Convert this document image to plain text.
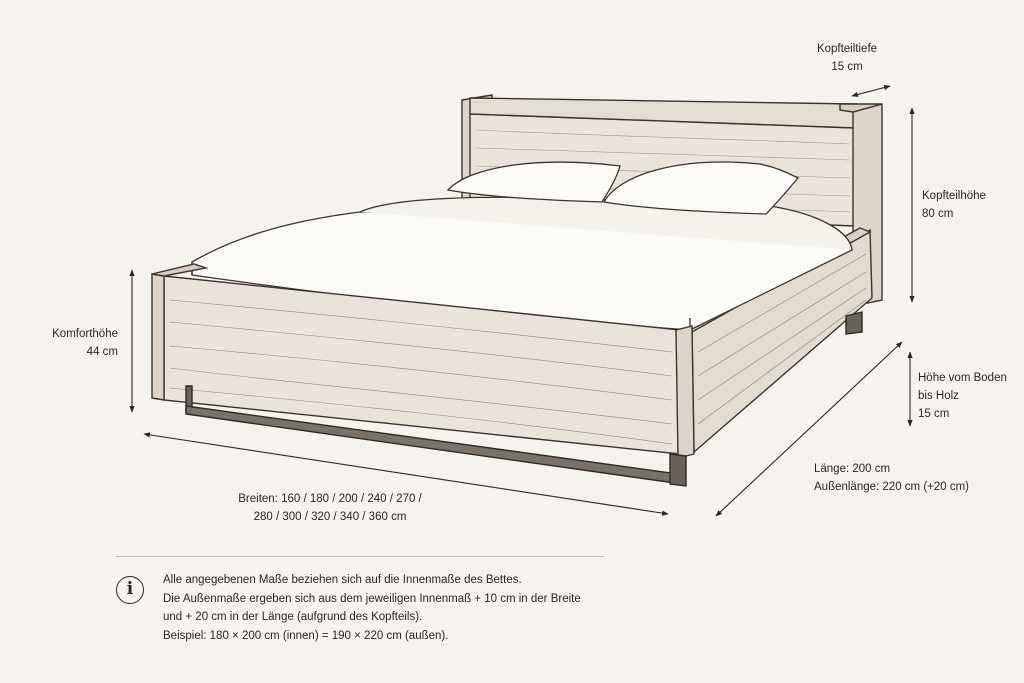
Kopfteiltiefe
15 cm
Kopfteilhöhe
80 cm
Komforthöhe
44 cm
Höhe vom Boden
bis Holz
15 cm
Länge: 200 cm
Außenlänge: 220 cm (+20 cm)
Breiten: 160 / 180 / 200 / 240 / 270 /
280 / 300 / 320 / 340 / 360 cm
i	Alle angegebenen Maße beziehen sich auf die Innenmaße des Bettes.
Die Außenmaße ergeben sich aus dem jeweiligen Innenmaß + 10 cm in der Breite
und + 20 cm in der Länge (aufgrund des Kopfteils).
Beispiel: 180 × 200 cm (innen) = 190 × 220 cm (außen).
